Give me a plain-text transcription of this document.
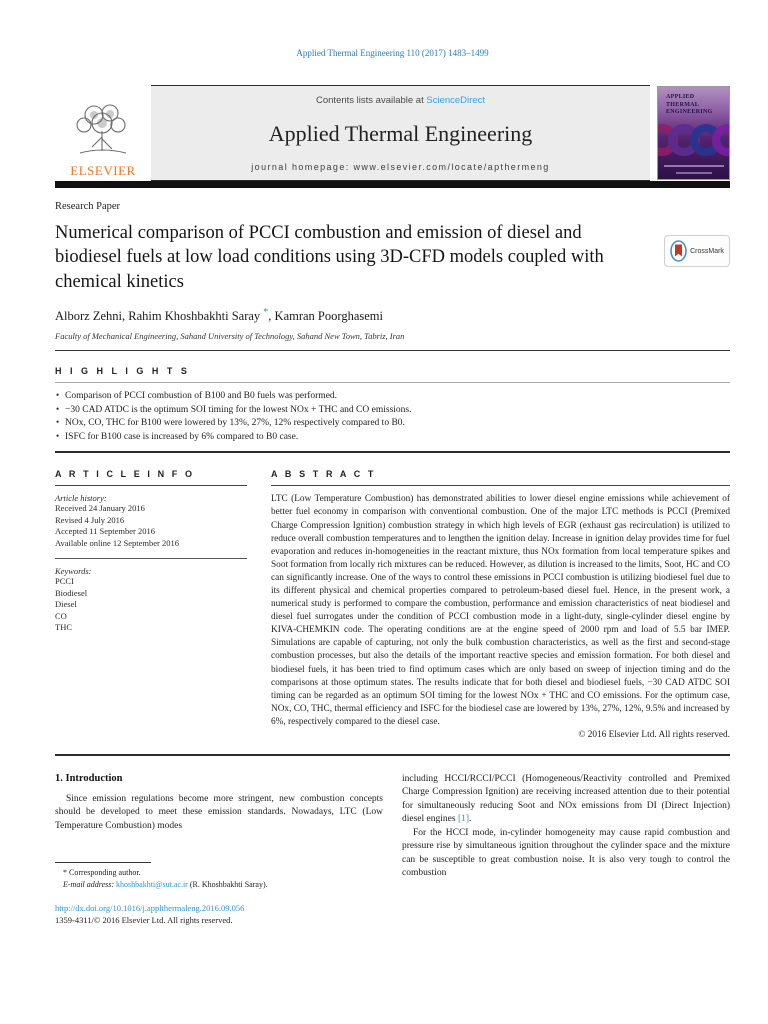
Applied Thermal Engineering 110 (2017) 1483–1499
ELSEVIER
Contents lists available at ScienceDirect
Applied Thermal Engineering
journal homepage: www.elsevier.com/locate/apthermeng
APPLIED
THERMAL
ENGINEERING
Research Paper
Numerical comparison of PCCI combustion and emission of diesel and biodiesel fuels at low load conditions using 3D-CFD models coupled with chemical kinetics
CrossMark
Alborz Zehni, Rahim Khoshbakhti Saray *, Kamran Poorghasemi
Faculty of Mechanical Engineering, Sahand University of Technology, Sahand New Town, Tabriz, Iran
H I G H L I G H T S
• Comparison of PCCI combustion of B100 and B0 fuels was performed.
• −30 CAD ATDC is the optimum SOI timing for the lowest NOx + THC and CO emissions.
• NOx, CO, THC for B100 were lowered by 13%, 27%, 12% respectively compared to B0.
• ISFC for B100 case is increased by 6% compared to B0 case.
A R T I C L E I N F O
Article history:
Received 24 January 2016
Revised 4 July 2016
Accepted 11 September 2016
Available online 12 September 2016
Keywords:
PCCI
Biodiesel
Diesel
CO
THC
A B S T R A C T
LTC (Low Temperature Combustion) has demonstrated abilities to lower diesel engine emissions while achievement of better fuel economy in comparison with conventional combustion. One of the major LTC methods is PCCI (Premixed Charge Compression Ignition) combustion strategy in which high levels of EGR (exhaust gas recirculation) is utilized to reduce overall combustion temperatures and to lengthen the ignition delay. Increase in ignition delay provides time for fuel evaporation and reduces in-homogeneities in the reactant mixture, thus NOx formation from local temperature spikes and Soot formation from locally rich mixtures can be reduced. However, as dilution is increased to the limits, Soot, HC and CO can significantly increase. One of the ways to control these emissions in PCCI combustion is utilizing biodiesel fuel due to its different physical and chemical properties compared to petroleum-based diesel fuel. Hence, in the present work, a numerical study is performed to compare the combustion, performance and emission characteristics of neat biodiesel and diesel fuel surrogates under the condition of PCCI combustion mode in a light-duty, single-cylinder diesel engine by KIVA-CHEMKIN code. The operating conditions are at the engine speed of 2000 rpm and load of 5.5 bar IMEP. Simulations are capable of capturing, not only the bulk combustion characteristics, as well as the first and second-stage combustion processes, but also the details of the important reactive species and emission formation. For both diesel and biodiesel fuels, it has been tried to find optimum cases which are only based on sweep of injection timing and do the comparisons at those optimum states. The results indicate that for both diesel and biodiesel fuels, −30 CAD ATDC SOI timing can be regarded as an optimum SOI timing for the lowest NOx + THC and CO emissions. For the optimum case, NOx, CO, THC, thermal efficiency and ISFC for the biodiesel case are lowered by 13%, 27%, 12%, 9.5% and increased by 6%, respectively compared to the diesel case.
© 2016 Elsevier Ltd. All rights reserved.
1. Introduction
Since emission regulations become more stringent, new combustion concepts should be developed to meet these emission standards. Nowadays, LTC (Low Temperature Combustion) modes
* Corresponding author.
E-mail address: khoshbakhti@sut.ac.ir (R. Khoshbakhti Saray).
including HCCI/RCCI/PCCI (Homogeneous/Reactivity controlled and Premixed Charge Compression Ignition) are receiving increased attention due to their potential for simultaneously reducing Soot and NOx emissions from DI (Direct Injection) diesel engines [1].
For the HCCI mode, in-cylinder homogeneity may cause rapid combustion and pressure rise by simultaneous ignition throughout the cylinder space and the mixture can be susceptible to great combustion noise. It is also very tough to control the combustion
http://dx.doi.org/10.1016/j.applthermaleng.2016.09.056
1359-4311/© 2016 Elsevier Ltd. All rights reserved.
